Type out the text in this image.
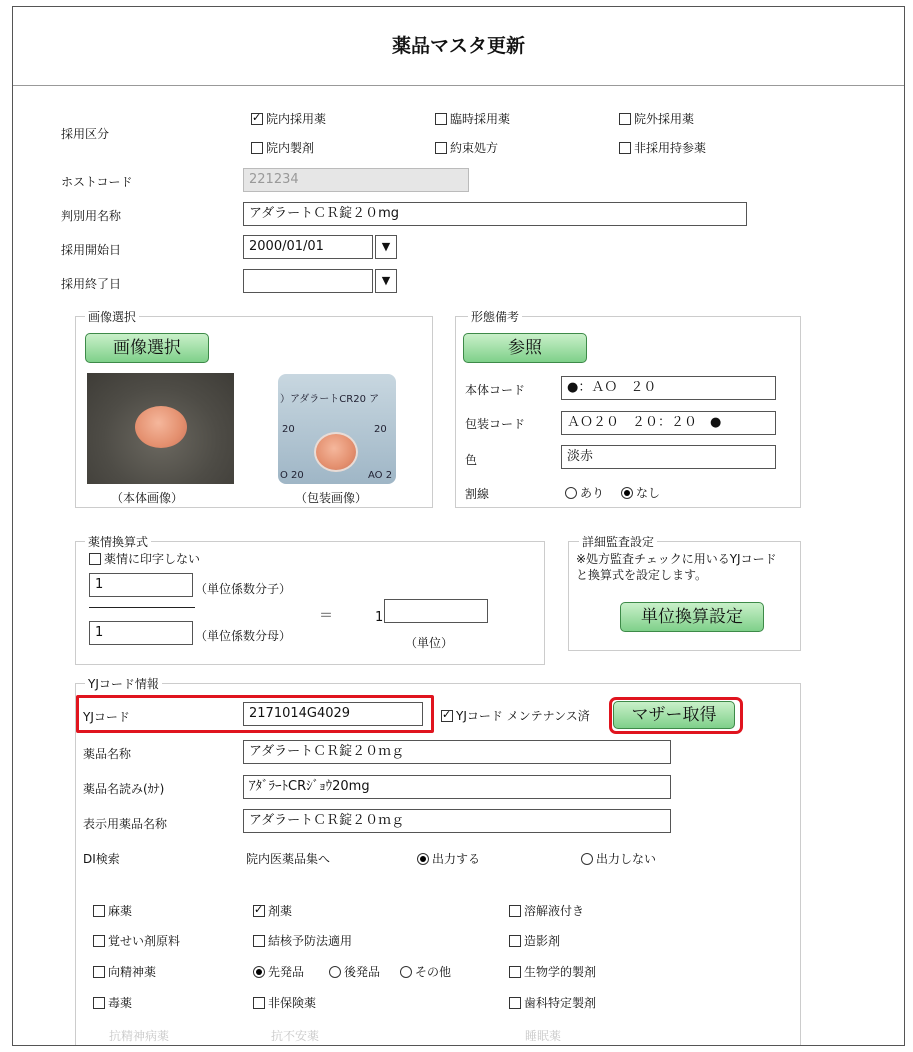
薬品マスタ更新
採用区分
✓
院内採用薬	臨時採用薬	院外採用薬
院内製剤	約束処方	非採用持参薬
ホストコード	221234
判別用名称	アダラートＣＲ錠２０mg
採用開始日	2000/01/01	▼
採用終了日	▼
画像選択
画像選択
）アダラートCR20 ア
20	20
O 20	AO 2
（本体画像）	（包装画像）
形態備考
参照
本体コード	●：ＡＯ　２０
包装コード	ＡＯ２０　２０：２０　●
色	淡赤
割線	あり	なし
薬情換算式
薬情に印字しない
1	（単位係数分子）
＝	1
1	（単位係数分母）	（単位）
詳細監査設定
※処方監査チェックに用いるYJコード
と換算式を設定します。
単位換算設定
YJコード情報
YJコード	2171014G4029 ✓	YJコード メンテナンス済	マザー取得
薬品名称	アダラートＣＲ錠２０ｍｇ
薬品名読み(ｶﾅ)	ｱﾀﾞﾗｰﾄCRｼﾞｮｳ20mg
表示用薬品名称	アダラートＣＲ錠２０ｍｇ
DI検索	院内医薬品集へ	出力する	出力しない
麻薬 ✓	剤薬	溶解液付き
覚せい剤原料	結核予防法適用	造影剤
向精神薬	先発品	後発品	その他	生物学的製剤
毒薬	非保険薬	歯科特定製剤
抗精神病薬	抗不安薬	睡眠薬
